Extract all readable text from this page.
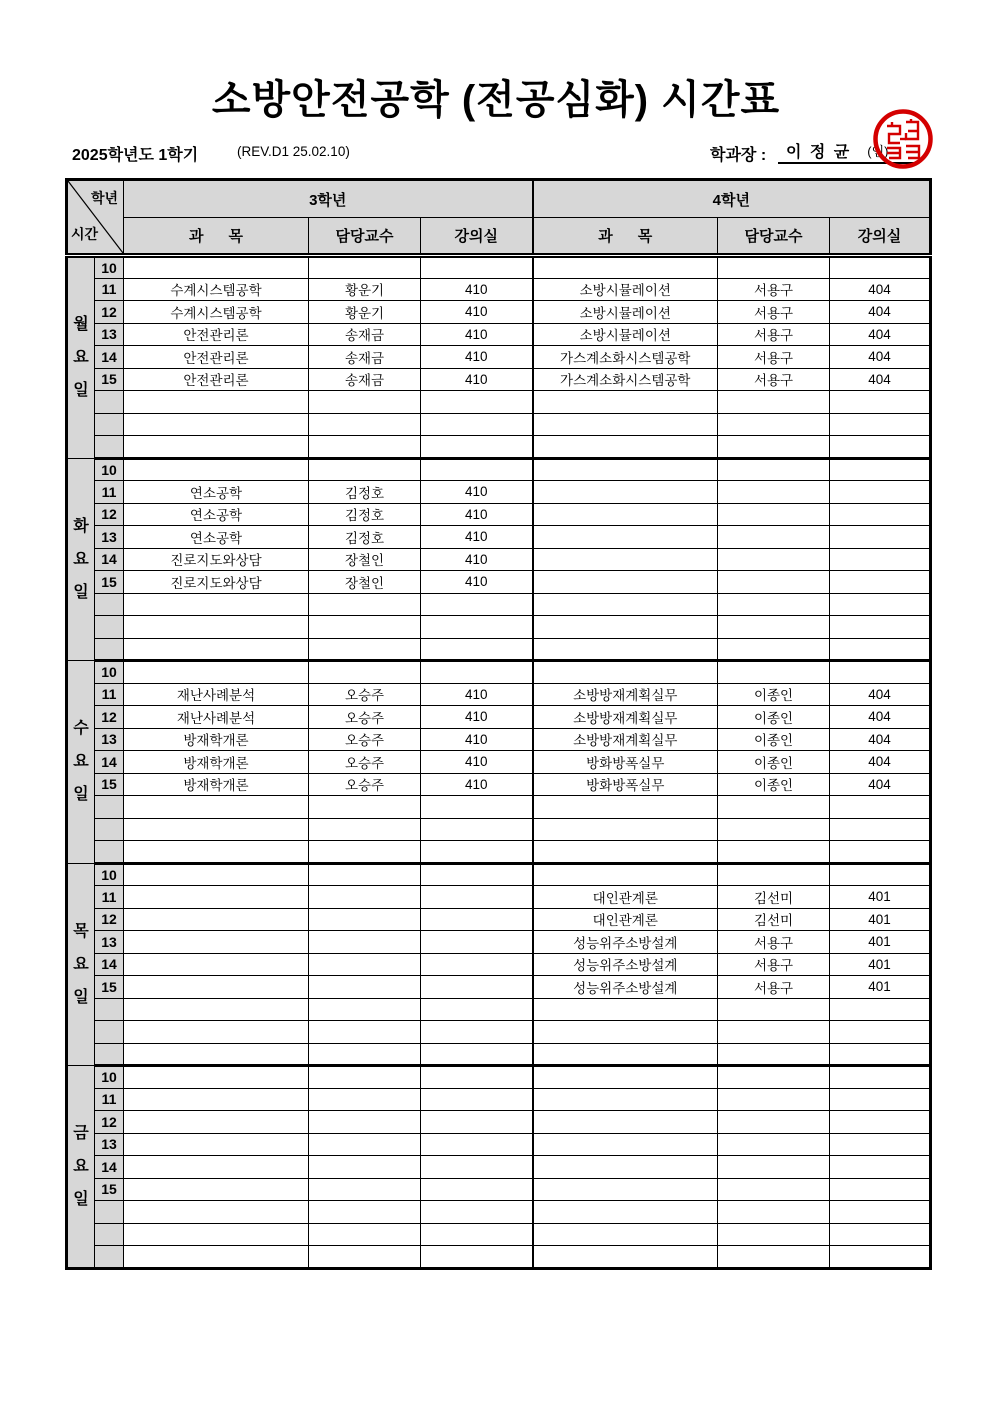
소방안전공학 (전공심화) 시간표
2025학년도 1학기	(REV.D1 25.02.10)	학과장 : 이 정 균 (인)
학년
시간		3학년			4학년		
		과      목	담당교수	강의실	과      목	담당교수	강의실

월
요
일	10						
	11	수계시스템공학	황운기	410	소방시뮬레이션	서용구	404
	12	수계시스템공학	황운기	410	소방시뮬레이션	서용구	404
	13	안전관리론	송재금	410	소방시뮬레이션	서용구	404
	14	안전관리론	송재금	410	가스계소화시스템공학	서용구	404
	15	안전관리론	송재금	410	가스계소화시스템공학	서용구	404

화
요
일	10						
	11	연소공학	김정호	410			
	12	연소공학	김정호	410			
	13	연소공학	김정호	410			
	14	진로지도와상담	장철인	410			
	15	진로지도와상담	장철인	410			

수
요
일	10						
	11	재난사례분석	오승주	410	소방방재계획실무	이종인	404
	12	재난사례분석	오승주	410	소방방재계획실무	이종인	404
	13	방재학개론	오승주	410	소방방재계획실무	이종인	404
	14	방재학개론	오승주	410	방화방폭실무	이종인	404
	15	방재학개론	오승주	410	방화방폭실무	이종인	404

목
요
일	10						
	11				대인관계론	김선미	401
	12				대인관계론	김선미	401
	13				성능위주소방설계	서용구	401
	14				성능위주소방설계	서용구	401
	15				성능위주소방설계	서용구	401

금
요
일	10						
	11						
	12						
	13						
	14						
	15						
